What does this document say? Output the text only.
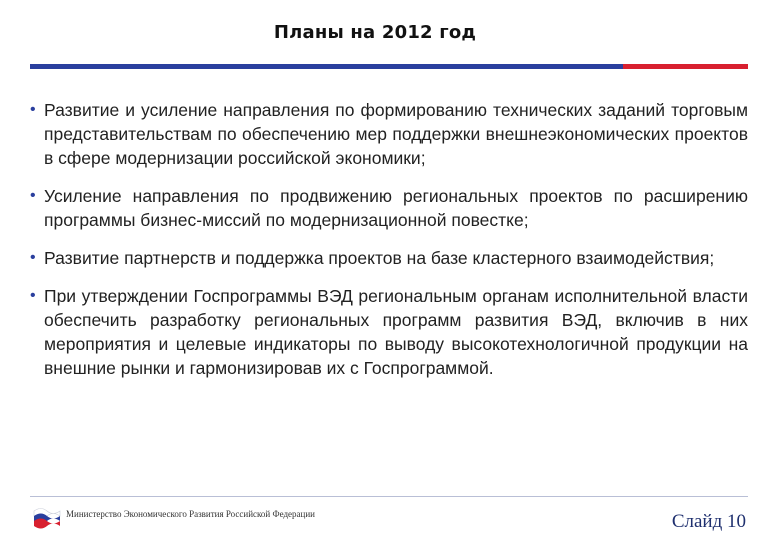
Планы на 2012 год
• Развитие и усиление направления по формированию технических заданий торговым представительствам по обеспечению мер поддержки внешнеэкономических проектов в сфере модернизации российской экономики;
• Усиление направления по продвижению региональных проектов по расширению программы бизнес-миссий по модернизационной повестке;
• Развитие партнерств и поддержка проектов на базе кластерного взаимодействия;
• При утверждении Госпрограммы ВЭД региональным органам исполнительной власти обеспечить разработку региональных программ развития ВЭД, включив в них мероприятия и целевые индикаторы по выводу высокотехнологичной продукции на внешние рынки и гармонизировав их с Госпрограммой.
Министерство Экономического Развития Российской Федерации	Слайд 10
